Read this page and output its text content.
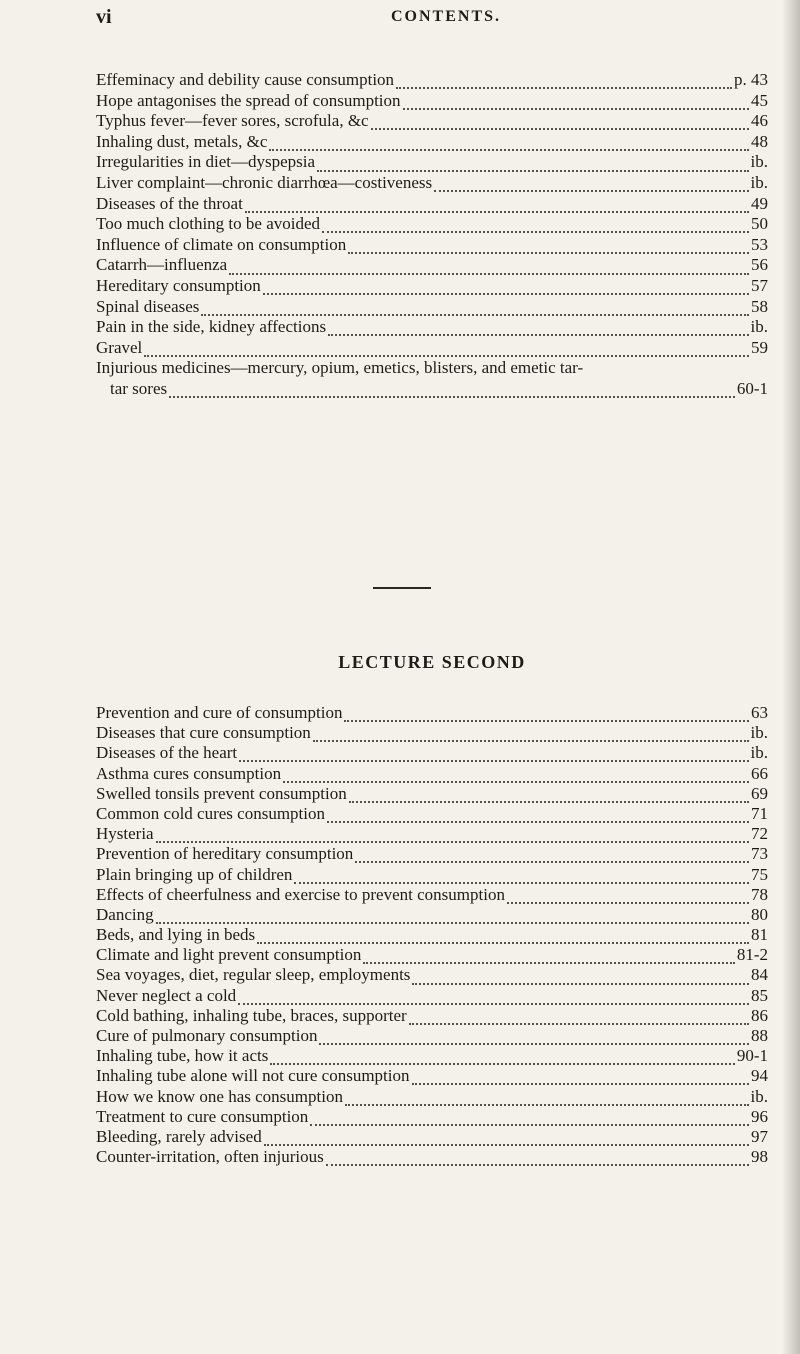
vi	CONTENTS.
Effeminacy and debility cause consumption	p. 43
Hope antagonises the spread of consumption	45
Typhus fever—fever sores, scrofula, &c	46
Inhaling dust, metals, &c	48
Irregularities in diet—dyspepsia	ib.
Liver complaint—chronic diarrhœa—costiveness	ib.
Diseases of the throat	49
Too much clothing to be avoided	50
Influence of climate on consumption	53
Catarrh—influenza	56
Hereditary consumption	57
Spinal diseases	58
Pain in the side, kidney affections	ib.
Gravel	59
Injurious medicines—mercury, opium, emetics, blisters, and emetic tar-
tar sores	60-1
LECTURE SECOND
Prevention and cure of consumption	63
Diseases that cure consumption	ib.
Diseases of the heart	ib.
Asthma cures consumption	66
Swelled tonsils prevent consumption	69
Common cold cures consumption	71
Hysteria	72
Prevention of hereditary consumption	73
Plain bringing up of children	75
Effects of cheerfulness and exercise to prevent consumption	78
Dancing	80
Beds, and lying in beds	81
Climate and light prevent consumption	81-2
Sea voyages, diet, regular sleep, employments	84
Never neglect a cold	85
Cold bathing, inhaling tube, braces, supporter	86
Cure of pulmonary consumption	88
Inhaling tube, how it acts	90-1
Inhaling tube alone will not cure consumption	94
How we know one has consumption	ib.
Treatment to cure consumption	96
Bleeding, rarely advised	97
Counter-irritation, often injurious	98
